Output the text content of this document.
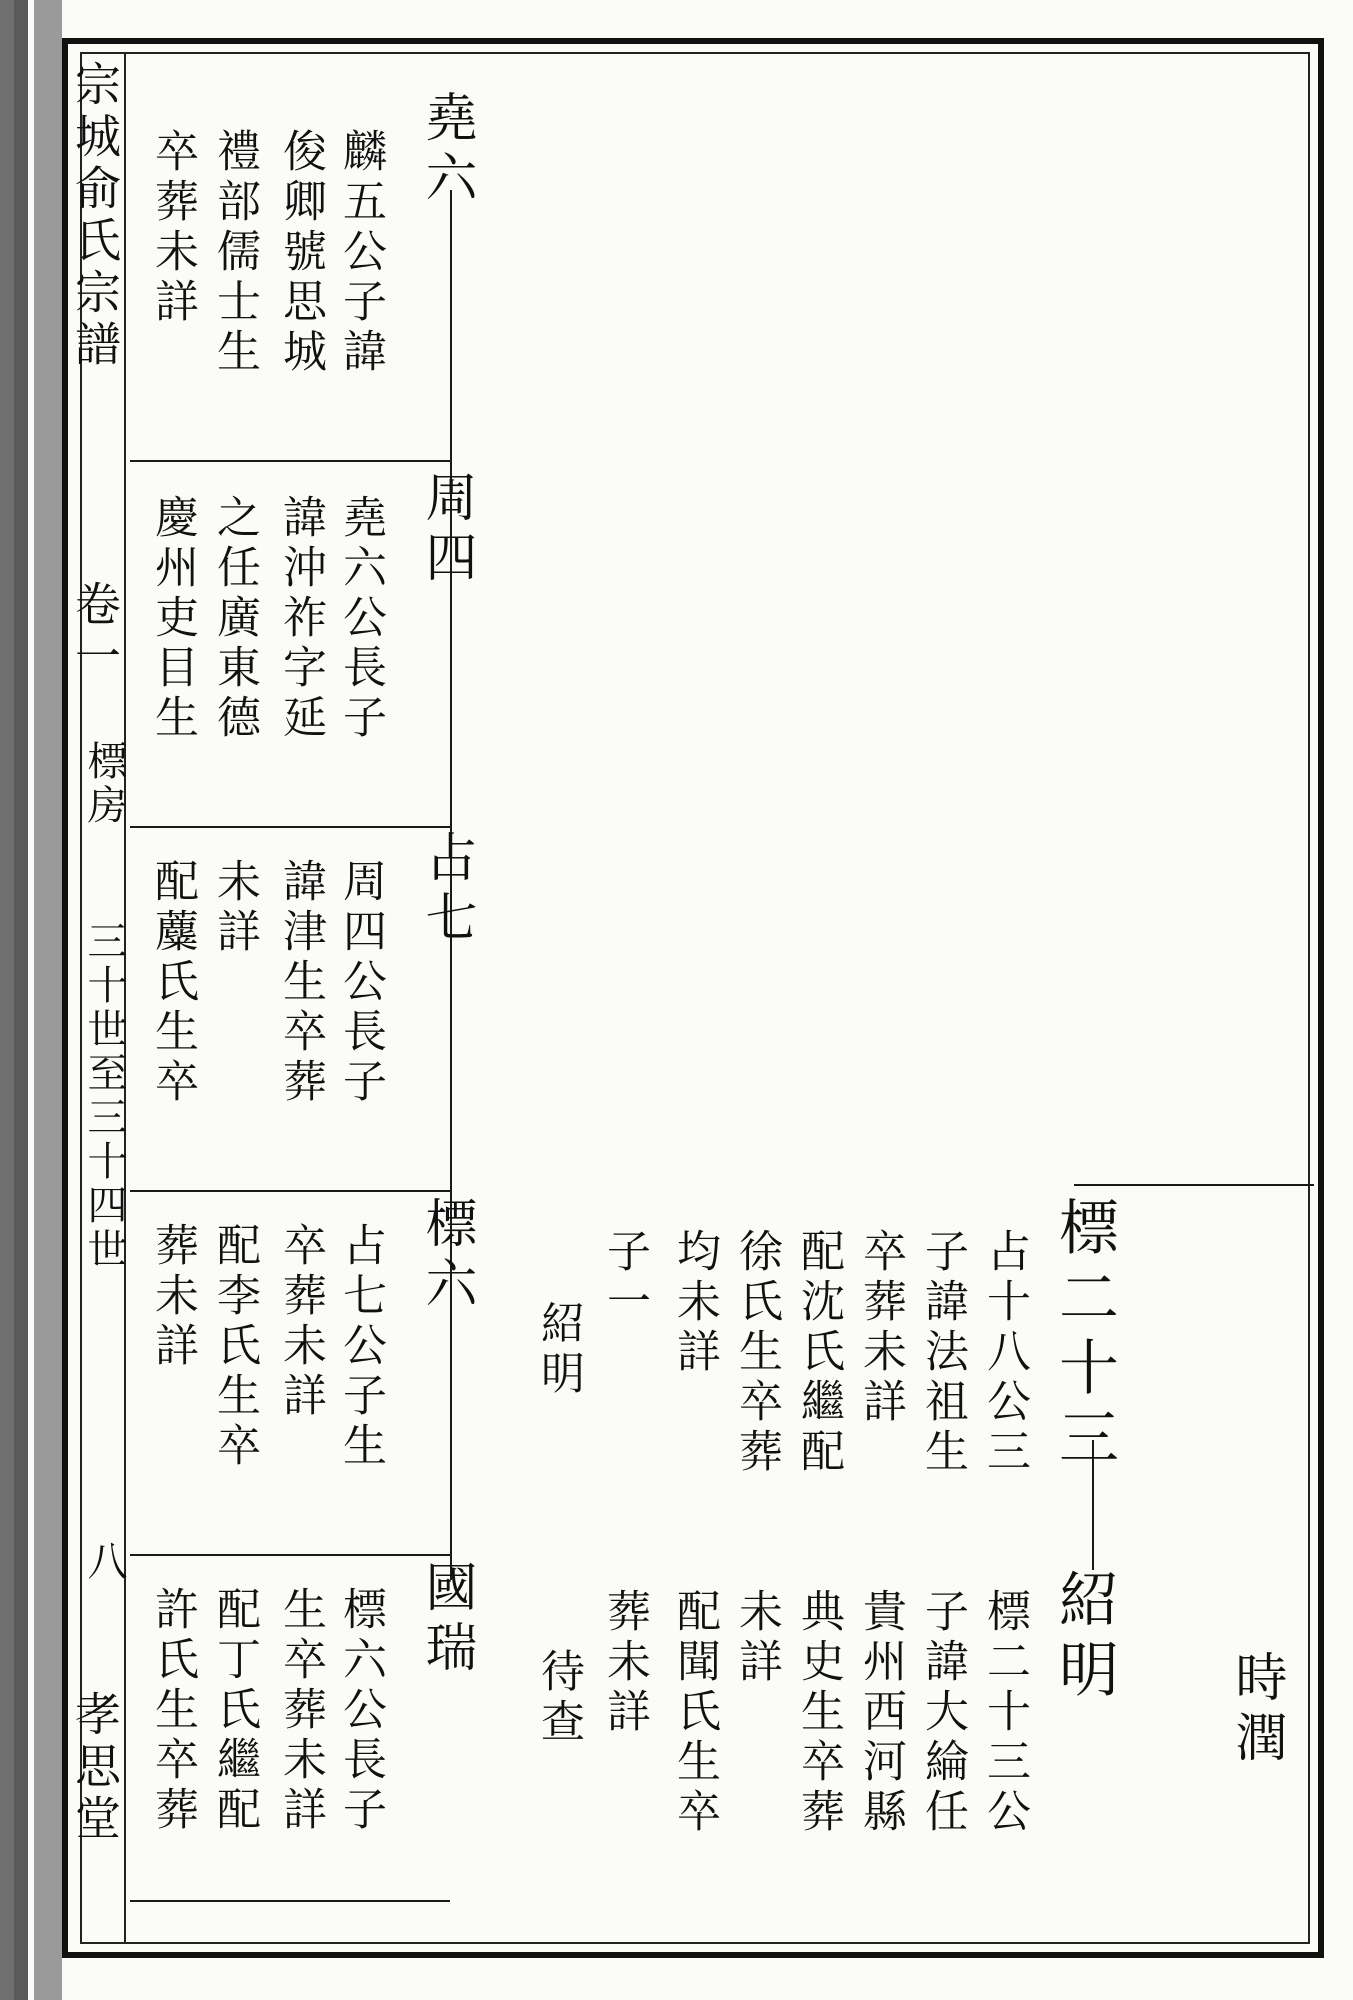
宗城俞氏宗譜
卷一
標房
三十世至三十四世
八
孝思堂
堯六
周四
占七
標六
國瑞
麟五公子諱
俊卿號思城
禮部儒士生
卒葬未詳
堯六公長子
諱沖祚字延
之任廣東德
慶州吏目生
周四公長子
諱津生卒葬
未詳
配蘪氏生卒
占七公子生
卒葬未詳
配李氏生卒
葬未詳
標六公長子
生卒葬未詳
配丁氏繼配
許氏生卒葬
標二十三
紹明
時潤
占十八公三
子諱法祖生
卒葬未詳
配沈氏繼配
徐氏生卒葬
均未詳
子一
紹明
標二十三公
子諱大綸任
貴州西河縣
典史生卒葬
未詳
配聞氏生卒
葬未詳
待查
